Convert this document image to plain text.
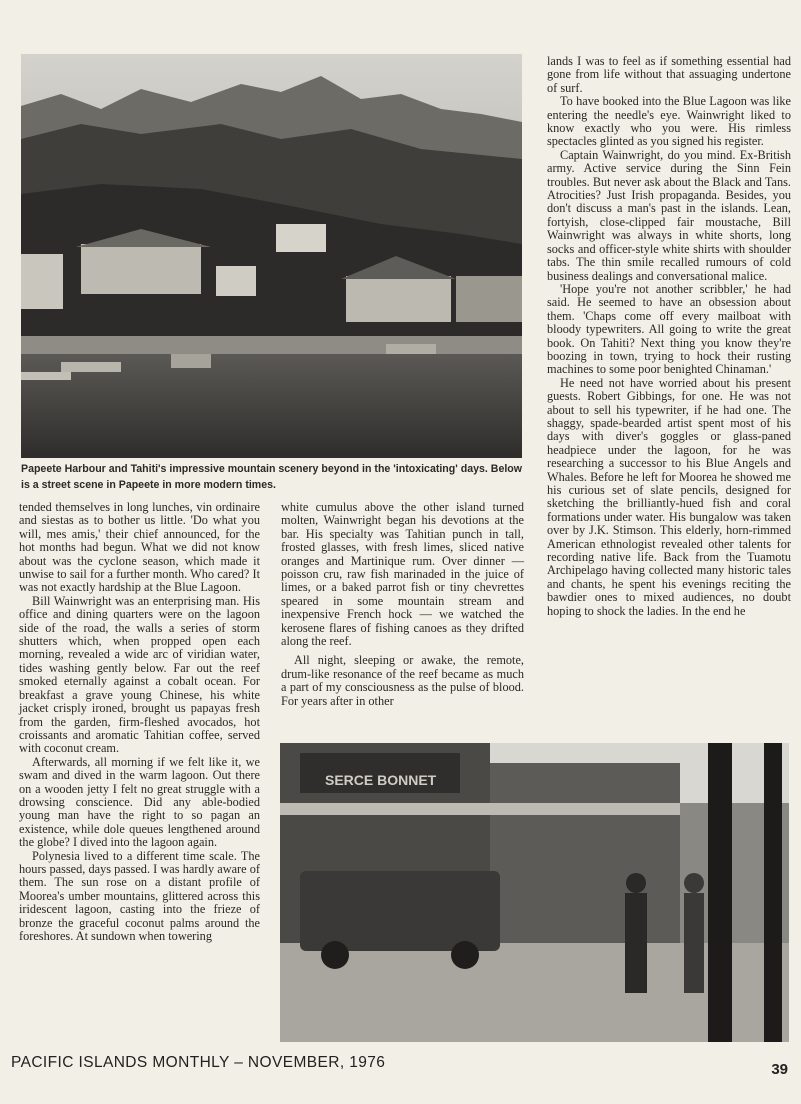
Papeete Harbour and Tahiti's impressive mountain scenery beyond in the 'intoxicating' days. Below is a street scene in Papeete in more modern times.

tended themselves in long lunches, vin ordinaire and siestas as to bother us little. 'Do what you will, mes amis,' their chief announced, for the hot months had begun. What we did not know about was the cyclone season, which made it unwise to sail for a further month. Who cared? It was not exactly hardship at the Blue Lagoon.

Bill Wainwright was an enterprising man. His office and dining quarters were on the lagoon side of the road, the walls a series of storm shutters which, when propped open each morning, revealed a wide arc of viridian water, tides washing gently below. Far out the reef smoked eternally against a cobalt ocean. For breakfast a grave young Chinese, his white jacket crisply ironed, brought us papayas fresh from the garden, firm-fleshed avocados, hot croissants and aromatic Tahitian coffee, served with coconut cream.

Afterwards, all morning if we felt like it, we swam and dived in the warm lagoon. Out there on a wooden jetty I felt no great struggle with a drowsing conscience. Did any able-bodied young man have the right to so pagan an existence, while dole queues lengthened around the globe? I dived into the lagoon again.

Polynesia lived to a different time scale. The hours passed, days passed. I was hardly aware of them. The sun rose on a distant profile of Moorea's umber mountains, glittered across this iridescent lagoon, casting into the frieze of bronze the graceful coconut palms around the foreshores. At sundown when towering

white cumulus above the other island turned molten, Wainwright began his devotions at the bar. His specialty was Tahitian punch in tall, frosted glasses, with fresh limes, sliced native oranges and Martinique rum. Over dinner — poisson cru, raw fish marinaded in the juice of limes, or a baked parrot fish or tiny chevrettes speared in some mountain stream and inexpensive French hock — we watched the kerosene flares of fishing canoes as they drifted along the reef.

All night, sleeping or awake, the remote, drum-like resonance of the reef became as much a part of my consciousness as the pulse of blood. For years after in other

lands I was to feel as if something essential had gone from life without that assuaging undertone of surf.

To have booked into the Blue Lagoon was like entering the needle's eye. Wainwright liked to know exactly who you were. His rimless spectacles glinted as you signed his register.

Captain Wainwright, do you mind. Ex-British army. Active service during the Sinn Fein troubles. But never ask about the Black and Tans. Atrocities? Just Irish propaganda. Besides, you don't discuss a man's past in the islands. Lean, fortyish, close-clipped fair moustache, Bill Wainwright was always in white shorts, long socks and officer-style white shirts with shoulder tabs. The thin smile recalled rumours of cold business dealings and conversational malice.

'Hope you're not another scribbler,' he had said. He seemed to have an obsession about them. 'Chaps come off every mailboat with bloody typewriters. All going to write the great book. On Tahiti? Next thing you know they're boozing in town, trying to hock their rusting machines to some poor benighted Chinaman.'

He need not have worried about his present guests. Robert Gibbings, for one. He was not about to sell his typewriter, if he had one. The shaggy, spade-bearded artist spent most of his days with diver's goggles or glass-paned headpiece under the lagoon, for he was researching a successor to his Blue Angels and Whales. Before he left for Moorea he showed me his curious set of slate pencils, designed for sketching the brilliantly-hued fish and coral formations under water. His bungalow was taken over by J.K. Stimson. This elderly, horn-rimmed American ethnologist revealed other talents for recording native life. Back from the Tuamotu Archipelago having collected many historic tales and chants, he spent his evenings reciting the bawdier ones to mixed audiences, no doubt hoping to shock the ladies. In the end he

SERCE BONNET

PACIFIC ISLANDS MONTHLY – NOVEMBER, 1976	39
